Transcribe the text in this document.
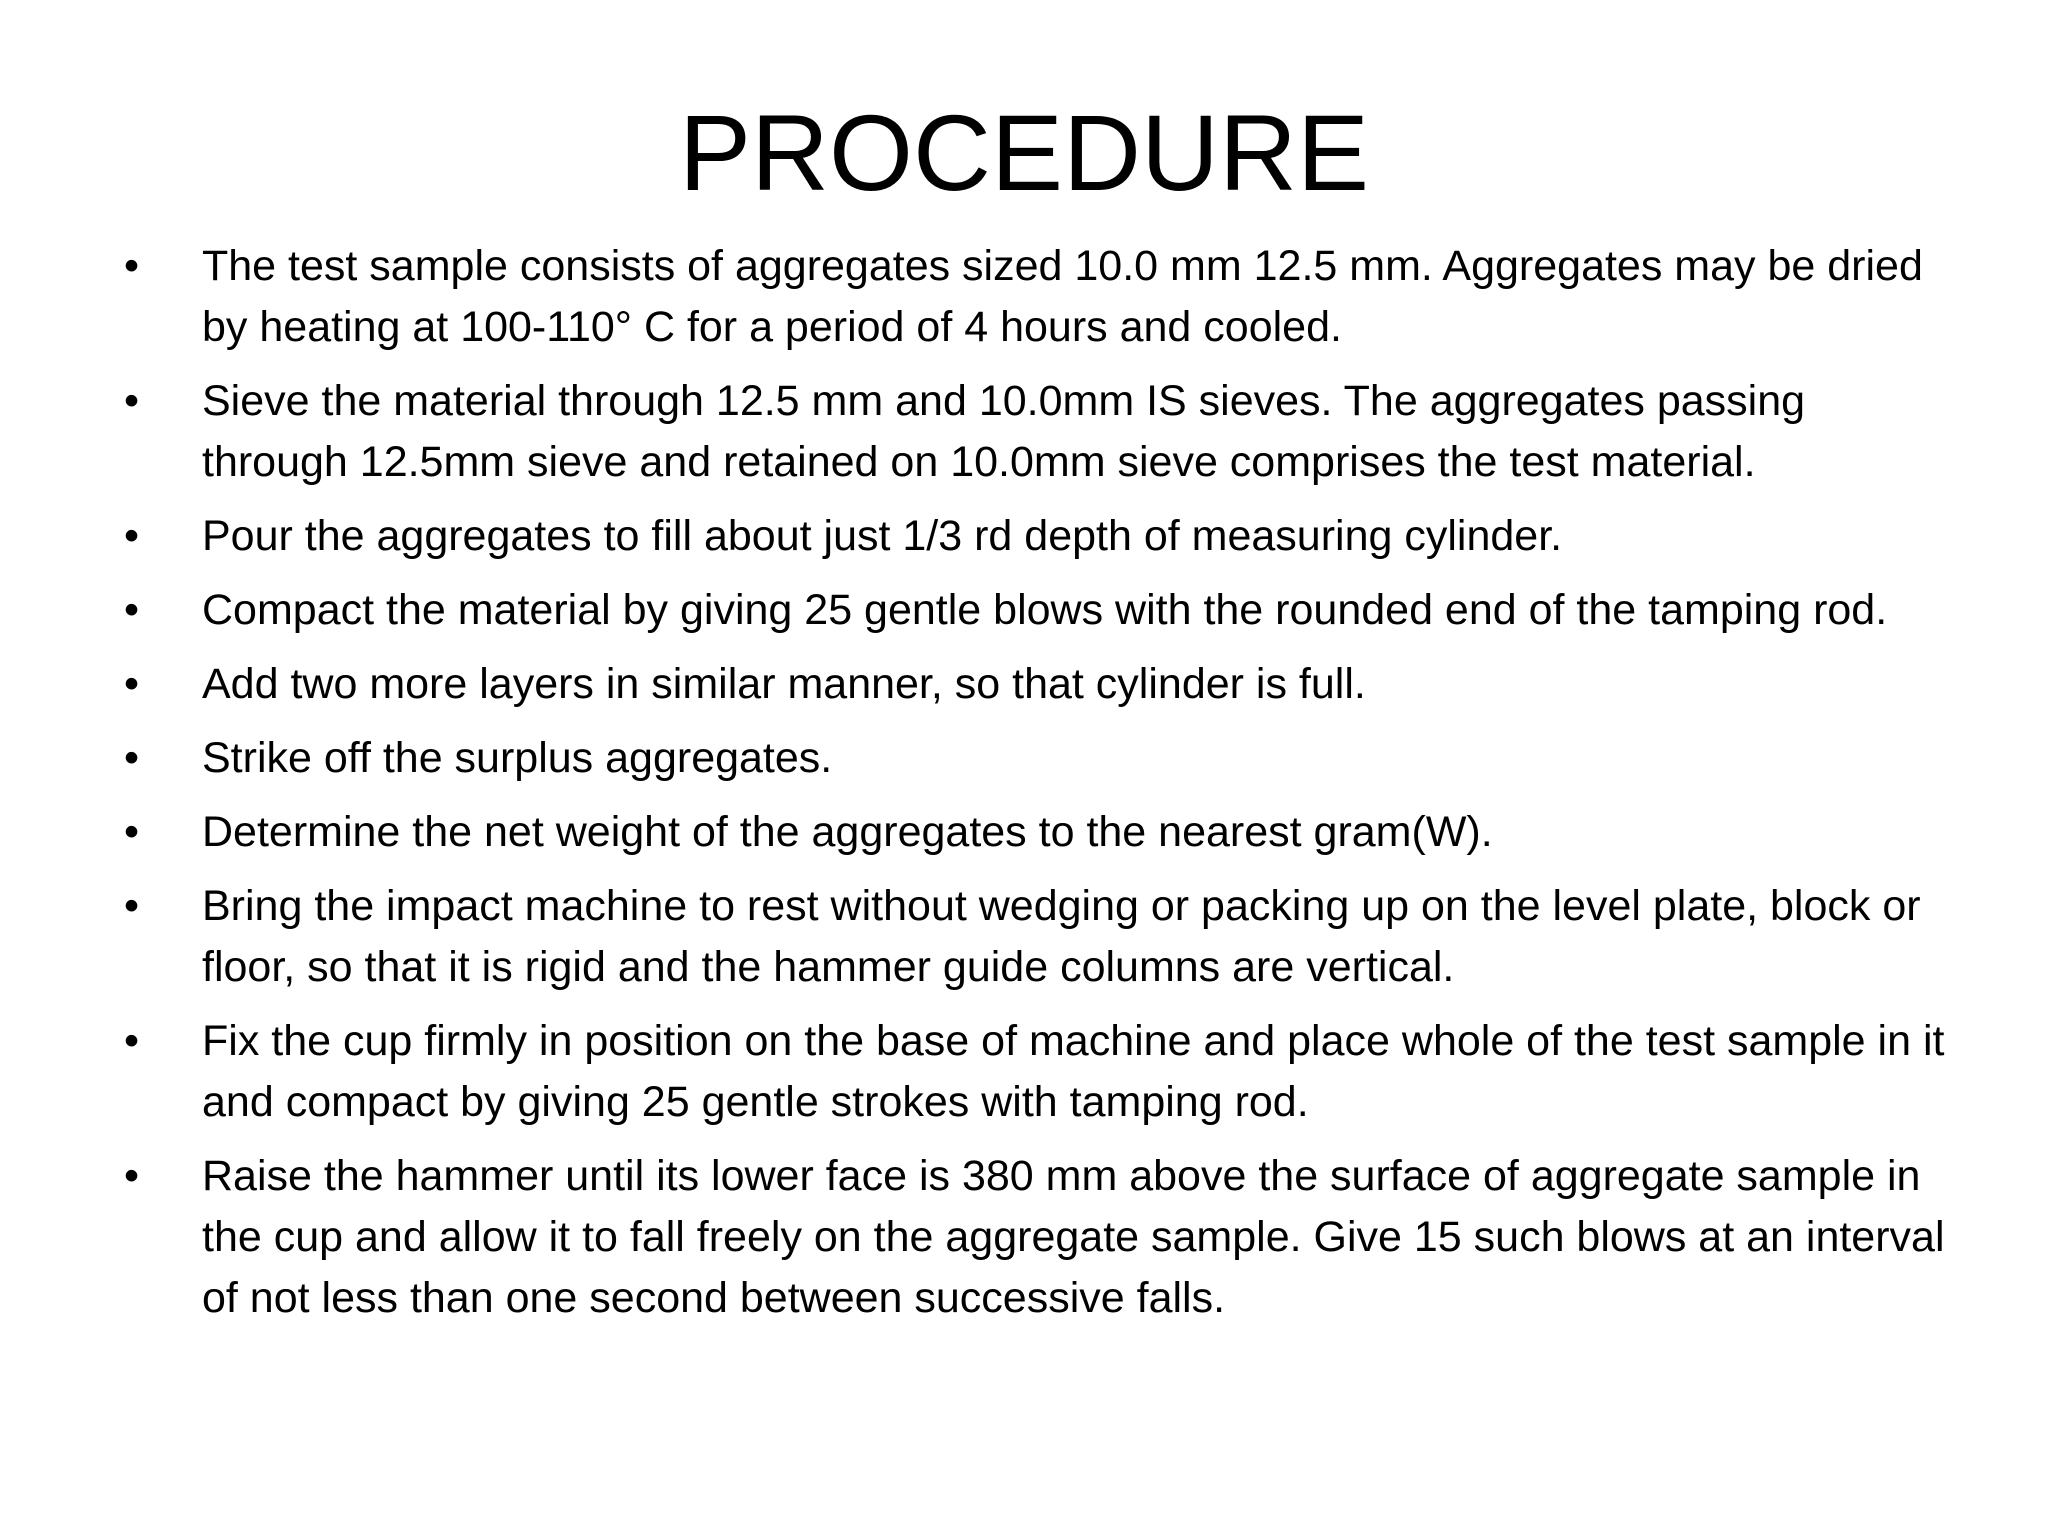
PROCEDURE
•	The test sample consists of aggregates sized 10.0 mm 12.5 mm. Aggregates may be dried by heating at 100-110° C for a period of 4 hours and cooled.
•	Sieve the material through 12.5 mm and 10.0mm IS sieves. The aggregates passing through 12.5mm sieve and retained on 10.0mm sieve comprises the test material.
•	Pour the aggregates to fill about just 1/3 rd depth of measuring cylinder.
•	Compact the material by giving 25 gentle blows with the rounded end of the tamping rod.
•	Add two more layers in similar manner, so that cylinder is full.
•	Strike off the surplus aggregates.
•	Determine the net weight of the aggregates to the nearest gram(W).
•	Bring the impact machine to rest without wedging or packing up on the level plate, block or floor, so that it is rigid and the hammer guide columns are vertical.
•	Fix the cup firmly in position on the base of machine and place whole of the test sample in it and compact by giving 25 gentle strokes with tamping rod.
•	Raise the hammer until its lower face is 380 mm above the surface of aggregate sample in the cup and allow it to fall freely on the aggregate sample. Give 15 such blows at an interval of not less than one second between successive falls.
